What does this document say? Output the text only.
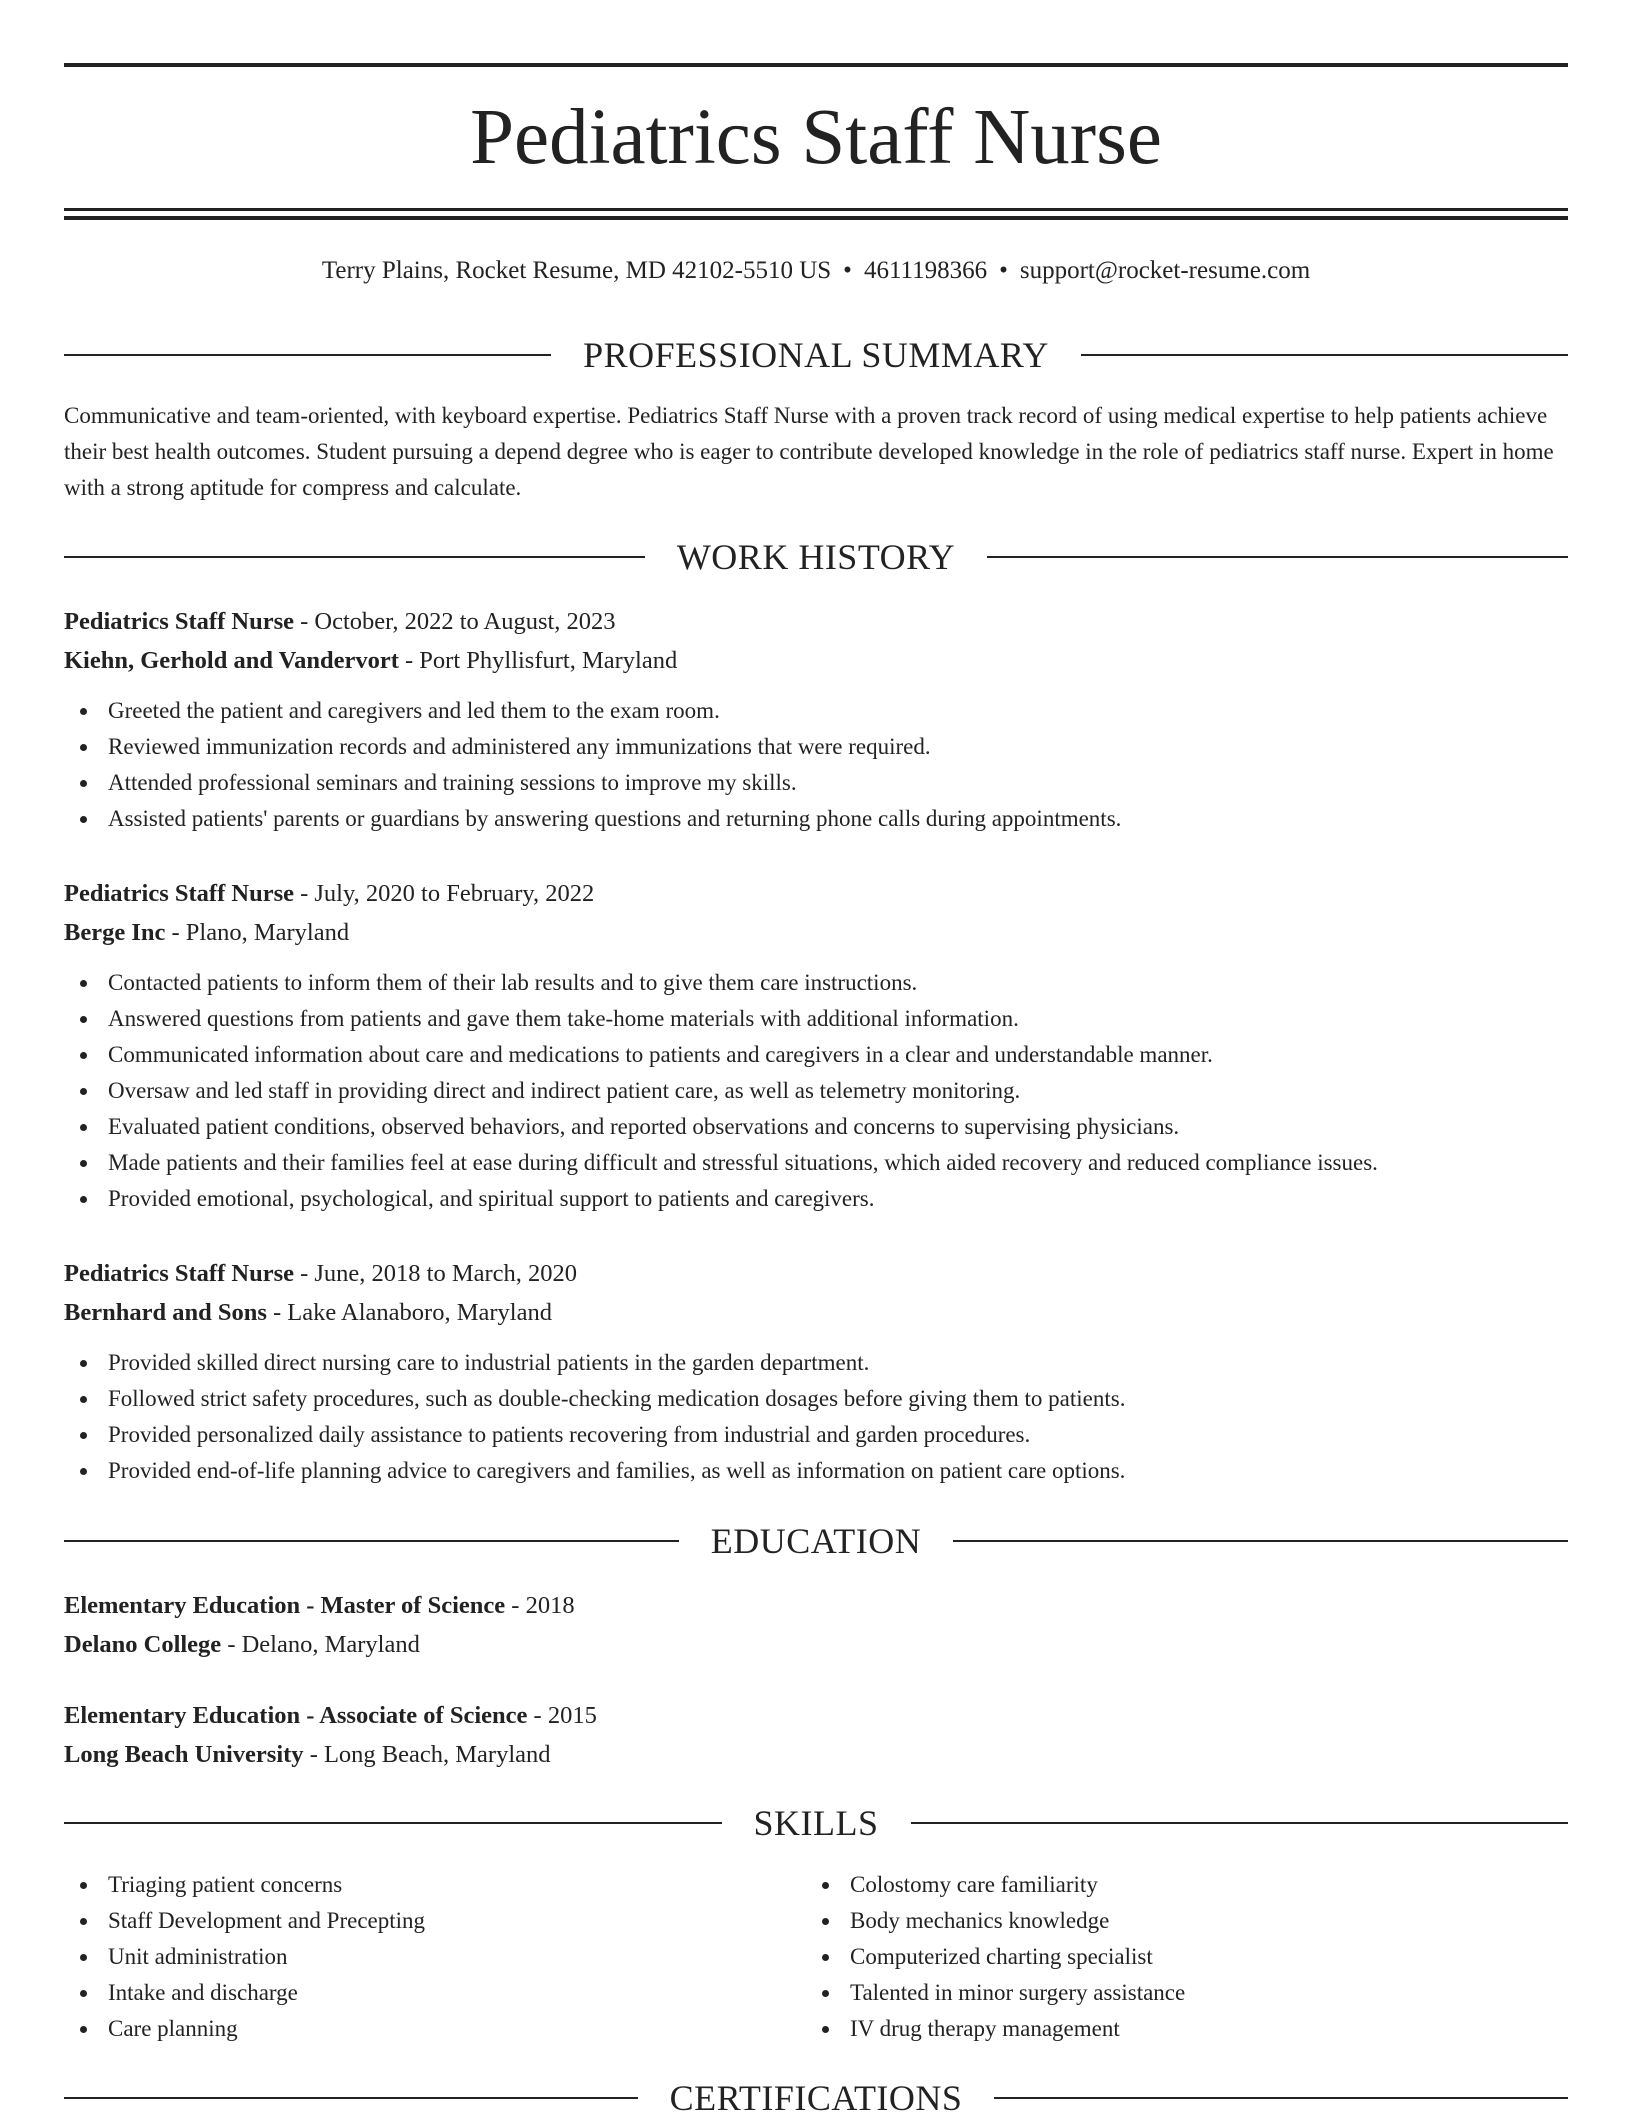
Pediatrics Staff Nurse
Terry Plains, Rocket Resume, MD 42102-5510 US • 4611198366 • support@rocket-resume.com
PROFESSIONAL SUMMARY
Communicative and team-oriented, with keyboard expertise. Pediatrics Staff Nurse with a proven track record of using medical expertise to help patients achieve their best health outcomes. Student pursuing a depend degree who is eager to contribute developed knowledge in the role of pediatrics staff nurse. Expert in home with a strong aptitude for compress and calculate.
WORK HISTORY
Pediatrics Staff Nurse - October, 2022 to August, 2023
Kiehn, Gerhold and Vandervort - Port Phyllisfurt, Maryland
Greeted the patient and caregivers and led them to the exam room.
Reviewed immunization records and administered any immunizations that were required.
Attended professional seminars and training sessions to improve my skills.
Assisted patients' parents or guardians by answering questions and returning phone calls during appointments.
Pediatrics Staff Nurse - July, 2020 to February, 2022
Berge Inc - Plano, Maryland
Contacted patients to inform them of their lab results and to give them care instructions.
Answered questions from patients and gave them take-home materials with additional information.
Communicated information about care and medications to patients and caregivers in a clear and understandable manner.
Oversaw and led staff in providing direct and indirect patient care, as well as telemetry monitoring.
Evaluated patient conditions, observed behaviors, and reported observations and concerns to supervising physicians.
Made patients and their families feel at ease during difficult and stressful situations, which aided recovery and reduced compliance issues.
Provided emotional, psychological, and spiritual support to patients and caregivers.
Pediatrics Staff Nurse - June, 2018 to March, 2020
Bernhard and Sons - Lake Alanaboro, Maryland
Provided skilled direct nursing care to industrial patients in the garden department.
Followed strict safety procedures, such as double-checking medication dosages before giving them to patients.
Provided personalized daily assistance to patients recovering from industrial and garden procedures.
Provided end-of-life planning advice to caregivers and families, as well as information on patient care options.
EDUCATION
Elementary Education - Master of Science - 2018
Delano College - Delano, Maryland
Elementary Education - Associate of Science - 2015
Long Beach University - Long Beach, Maryland
SKILLS
Triaging patient concerns
Staff Development and Precepting
Unit administration
Intake and discharge
Care planning
Colostomy care familiarity
Body mechanics knowledge
Computerized charting specialist
Talented in minor surgery assistance
IV drug therapy management
CERTIFICATIONS
